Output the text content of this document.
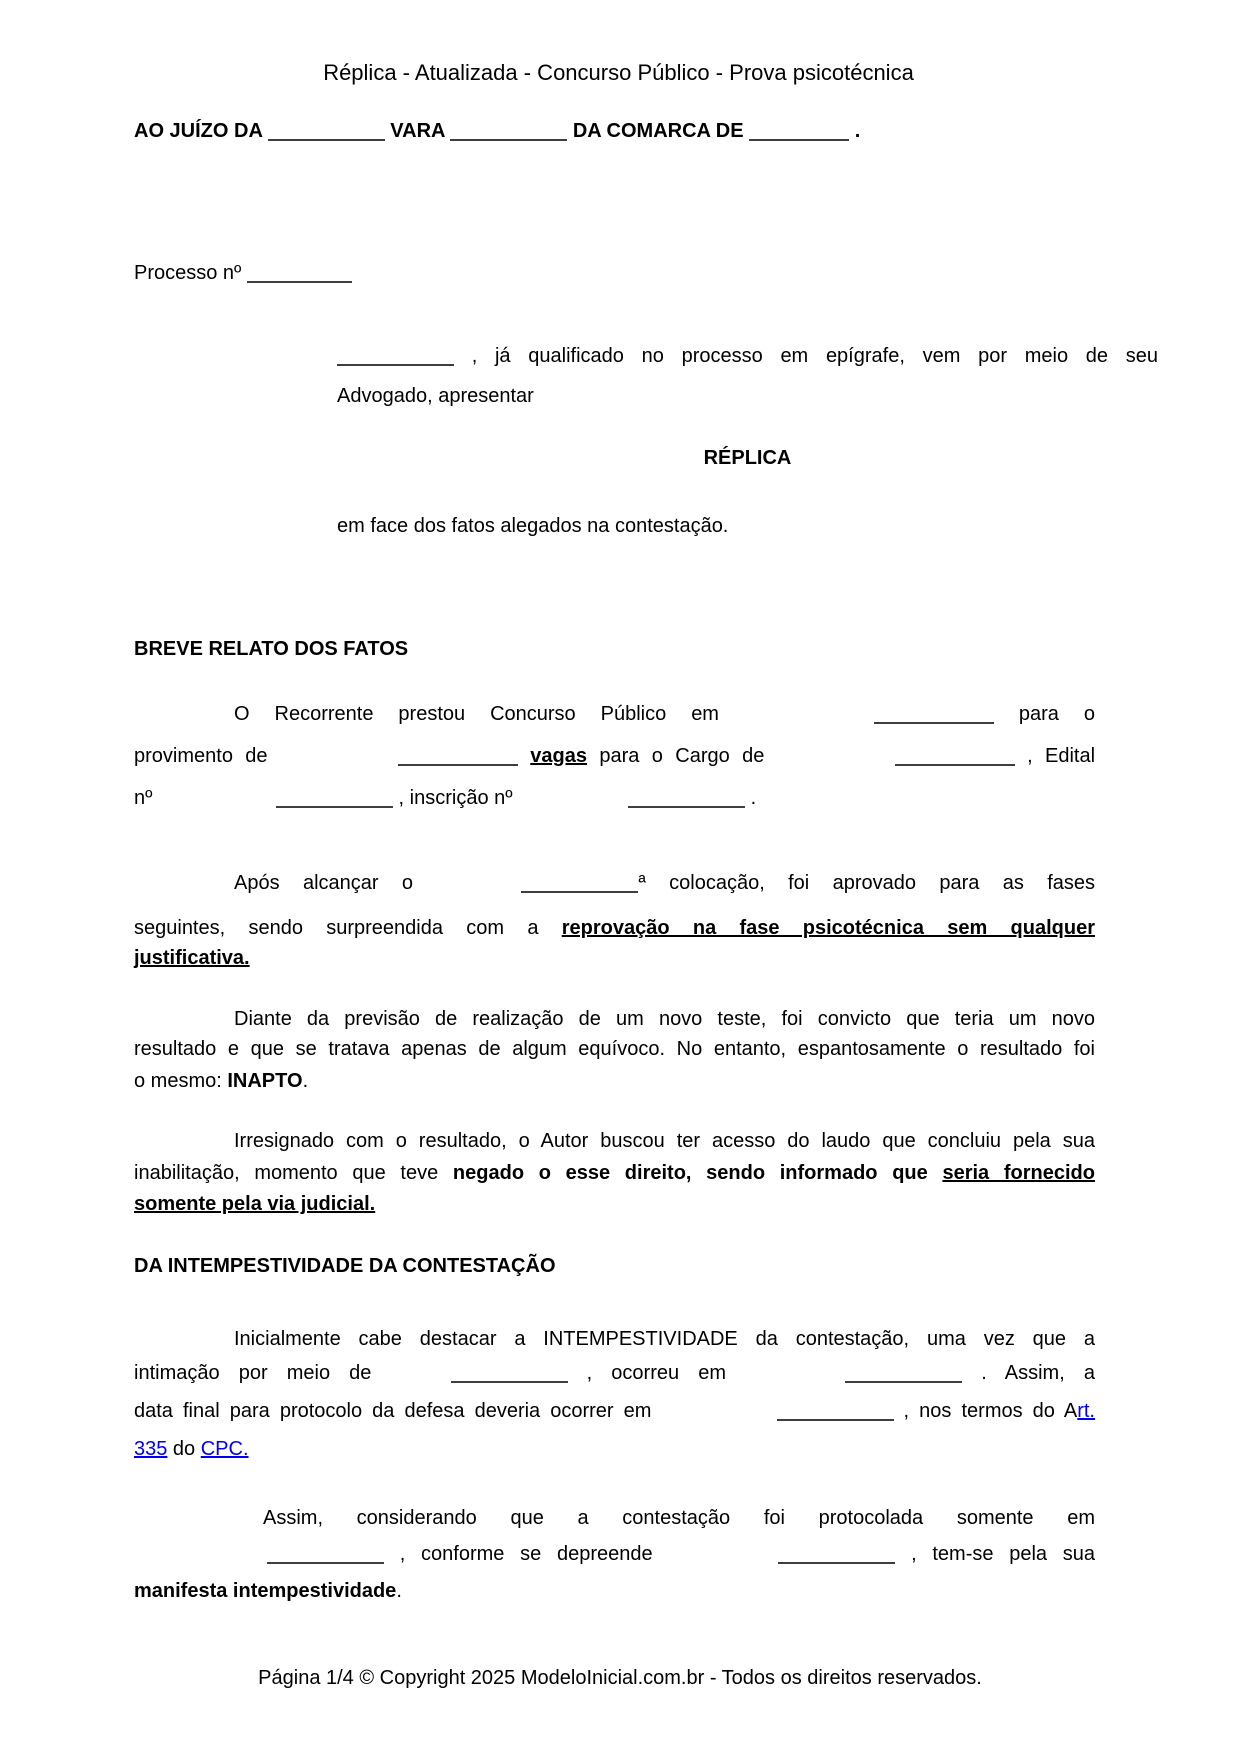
Réplica - Atualizada - Concurso Público - Prova psicotécnica
AO JUÍZO DA	VARA	DA COMARCA DE	.
Processo nº
, já qualificado no processo em epígrafe, vem por meio de seu
Advogado, apresentar
RÉPLICA
em face dos fatos alegados na contestação.
BREVE RELATO DOS FATOS
O Recorrente prestou Concurso Público em	para o
provimento de	vagas para o Cargo de	, Edital
nº	, inscrição nº	.
Após alcançar o	ª colocação, foi aprovado para as fases
seguintes, sendo surpreendida com a reprovação na fase psicotécnica sem qualquer
justificativa.
Diante da previsão de realização de um novo teste, foi convicto que teria um novo
resultado e que se tratava apenas de algum equívoco. No entanto, espantosamente o resultado foi
o mesmo: INAPTO.
Irresignado com o resultado, o Autor buscou ter acesso do laudo que concluiu pela sua
inabilitação, momento que teve negado o esse direito, sendo informado que seria fornecido
somente pela via judicial.
DA INTEMPESTIVIDADE DA CONTESTAÇÃO
Inicialmente cabe destacar a INTEMPESTIVIDADE da contestação, uma vez que a
intimação por meio de	, ocorreu em	. Assim, a
data final para protocolo da defesa deveria ocorrer em	, nos termos do Art.
335 do CPC.
Assim, considerando que a contestação foi protocolada somente em
, conforme se depreende	, tem-se pela sua
manifesta intempestividade.
Página 1/4 © Copyright 2025 ModeloInicial.com.br - Todos os direitos reservados.
